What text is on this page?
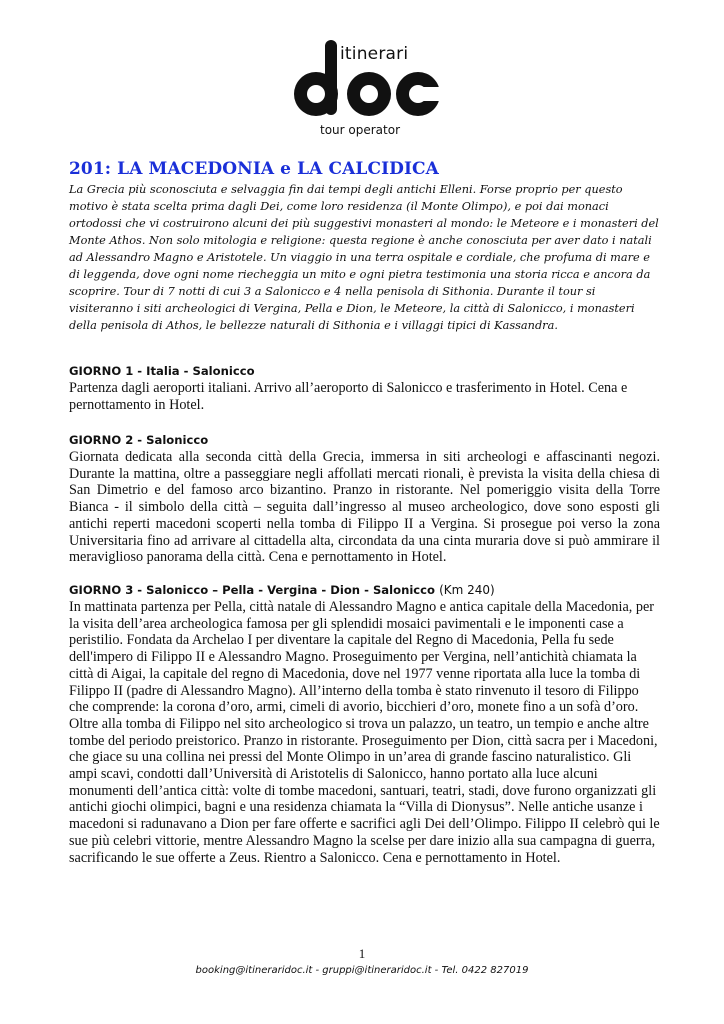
itinerari
tour operator
201: LA MACEDONIA e LA CALCIDICA

La Grecia più sconosciuta e selvaggia fin dai tempi degli antichi Elleni. Forse proprio per questo motivo è stata scelta prima dagli Dei, come loro residenza (il Monte Olimpo), e poi dai monaci ortodossi che vi costruirono alcuni dei più suggestivi monasteri al mondo: le Meteore e i monasteri del Monte Athos. Non solo mitologia e religione: questa regione è anche conosciuta per aver dato i natali ad Alessandro Magno e Aristotele. Un viaggio in una terra ospitale e cordiale, che profuma di mare e di leggenda, dove ogni nome riecheggia un mito e ogni pietra testimonia una storia ricca e ancora da scoprire. Tour di 7 notti di cui 3 a Salonicco e 4 nella penisola di Sithonia. Durante il tour si visiteranno i siti archeologici di Vergina, Pella e Dion, le Meteore, la città di Salonicco, i monasteri della penisola di Athos, le bellezze naturali di Sithonia e i villaggi tipici di Kassandra.

GIORNO 1 - Italia - Salonicco

Partenza dagli aeroporti italiani. Arrivo all’aeroporto di Salonicco e trasferimento in Hotel. Cena e pernottamento in Hotel.

GIORNO 2 - Salonicco

Giornata dedicata alla seconda città della Grecia, immersa in siti archeologi e affascinanti negozi. Durante la mattina, oltre a passeggiare negli affollati mercati rionali, è prevista la visita della chiesa di San Dimetrio e del famoso arco bizantino. Pranzo in ristorante. Nel pomeriggio visita della Torre Bianca - il simbolo della città – seguita dall’ingresso al museo archeologico, dove sono esposti gli antichi reperti macedoni scoperti nella tomba di Filippo II a Vergina. Si prosegue poi verso la zona Universitaria fino ad arrivare al cittadella alta, circondata da una cinta muraria dove si può ammirare il meraviglioso panorama della città. Cena e pernottamento in Hotel.

GIORNO 3 - Salonicco – Pella - Vergina - Dion - Salonicco (Km 240)

In mattinata partenza per Pella, città natale di Alessandro Magno e antica capitale della Macedonia, per la visita dell’area archeologica famosa per gli splendidi mosaici pavimentali e le imponenti case a peristilio. Fondata da Archelao I per diventare la capitale del Regno di Macedonia, Pella fu sede dell'impero di Filippo II e Alessandro Magno. Proseguimento per Vergina, nell’antichità chiamata la città di Aigai, la capitale del regno di Macedonia, dove nel 1977 venne riportata alla luce la tomba di Filippo II (padre di Alessandro Magno). All’interno della tomba è stato rinvenuto il tesoro di Filippo che comprende: la corona d’oro, armi, cimeli di avorio, bicchieri d’oro, monete fino a un sofà d’oro. Oltre alla tomba di Filippo nel sito archeologico si trova un palazzo, un teatro, un tempio e anche altre tombe del periodo preistorico. Pranzo in ristorante. Proseguimento per Dion, città sacra per i Macedoni, che giace su una collina nei pressi del Monte Olimpo in un’area di grande fascino naturalistico. Gli ampi scavi, condotti dall’Università di Aristotelis di Salonicco, hanno portato alla luce alcuni monumenti dell’antica città: volte di tombe macedoni, santuari, teatri, stadi, dove furono organizzati gli antichi giochi olimpici, bagni e una residenza chiamata la “Villa di Dionysus”. Nelle antiche usanze i macedoni si radunavano a Dion per fare offerte e sacrifici agli Dei dell’Olimpo. Filippo II celebrò qui le sue più celebri vittorie, mentre Alessandro Magno la scelse per dare inizio alla sua campagna di guerra, sacrificando le sue offerte a Zeus. Rientro a Salonicco. Cena e pernottamento in Hotel.

1
booking@itineraridoc.it - gruppi@itineraridoc.it - Tel. 0422 827019
